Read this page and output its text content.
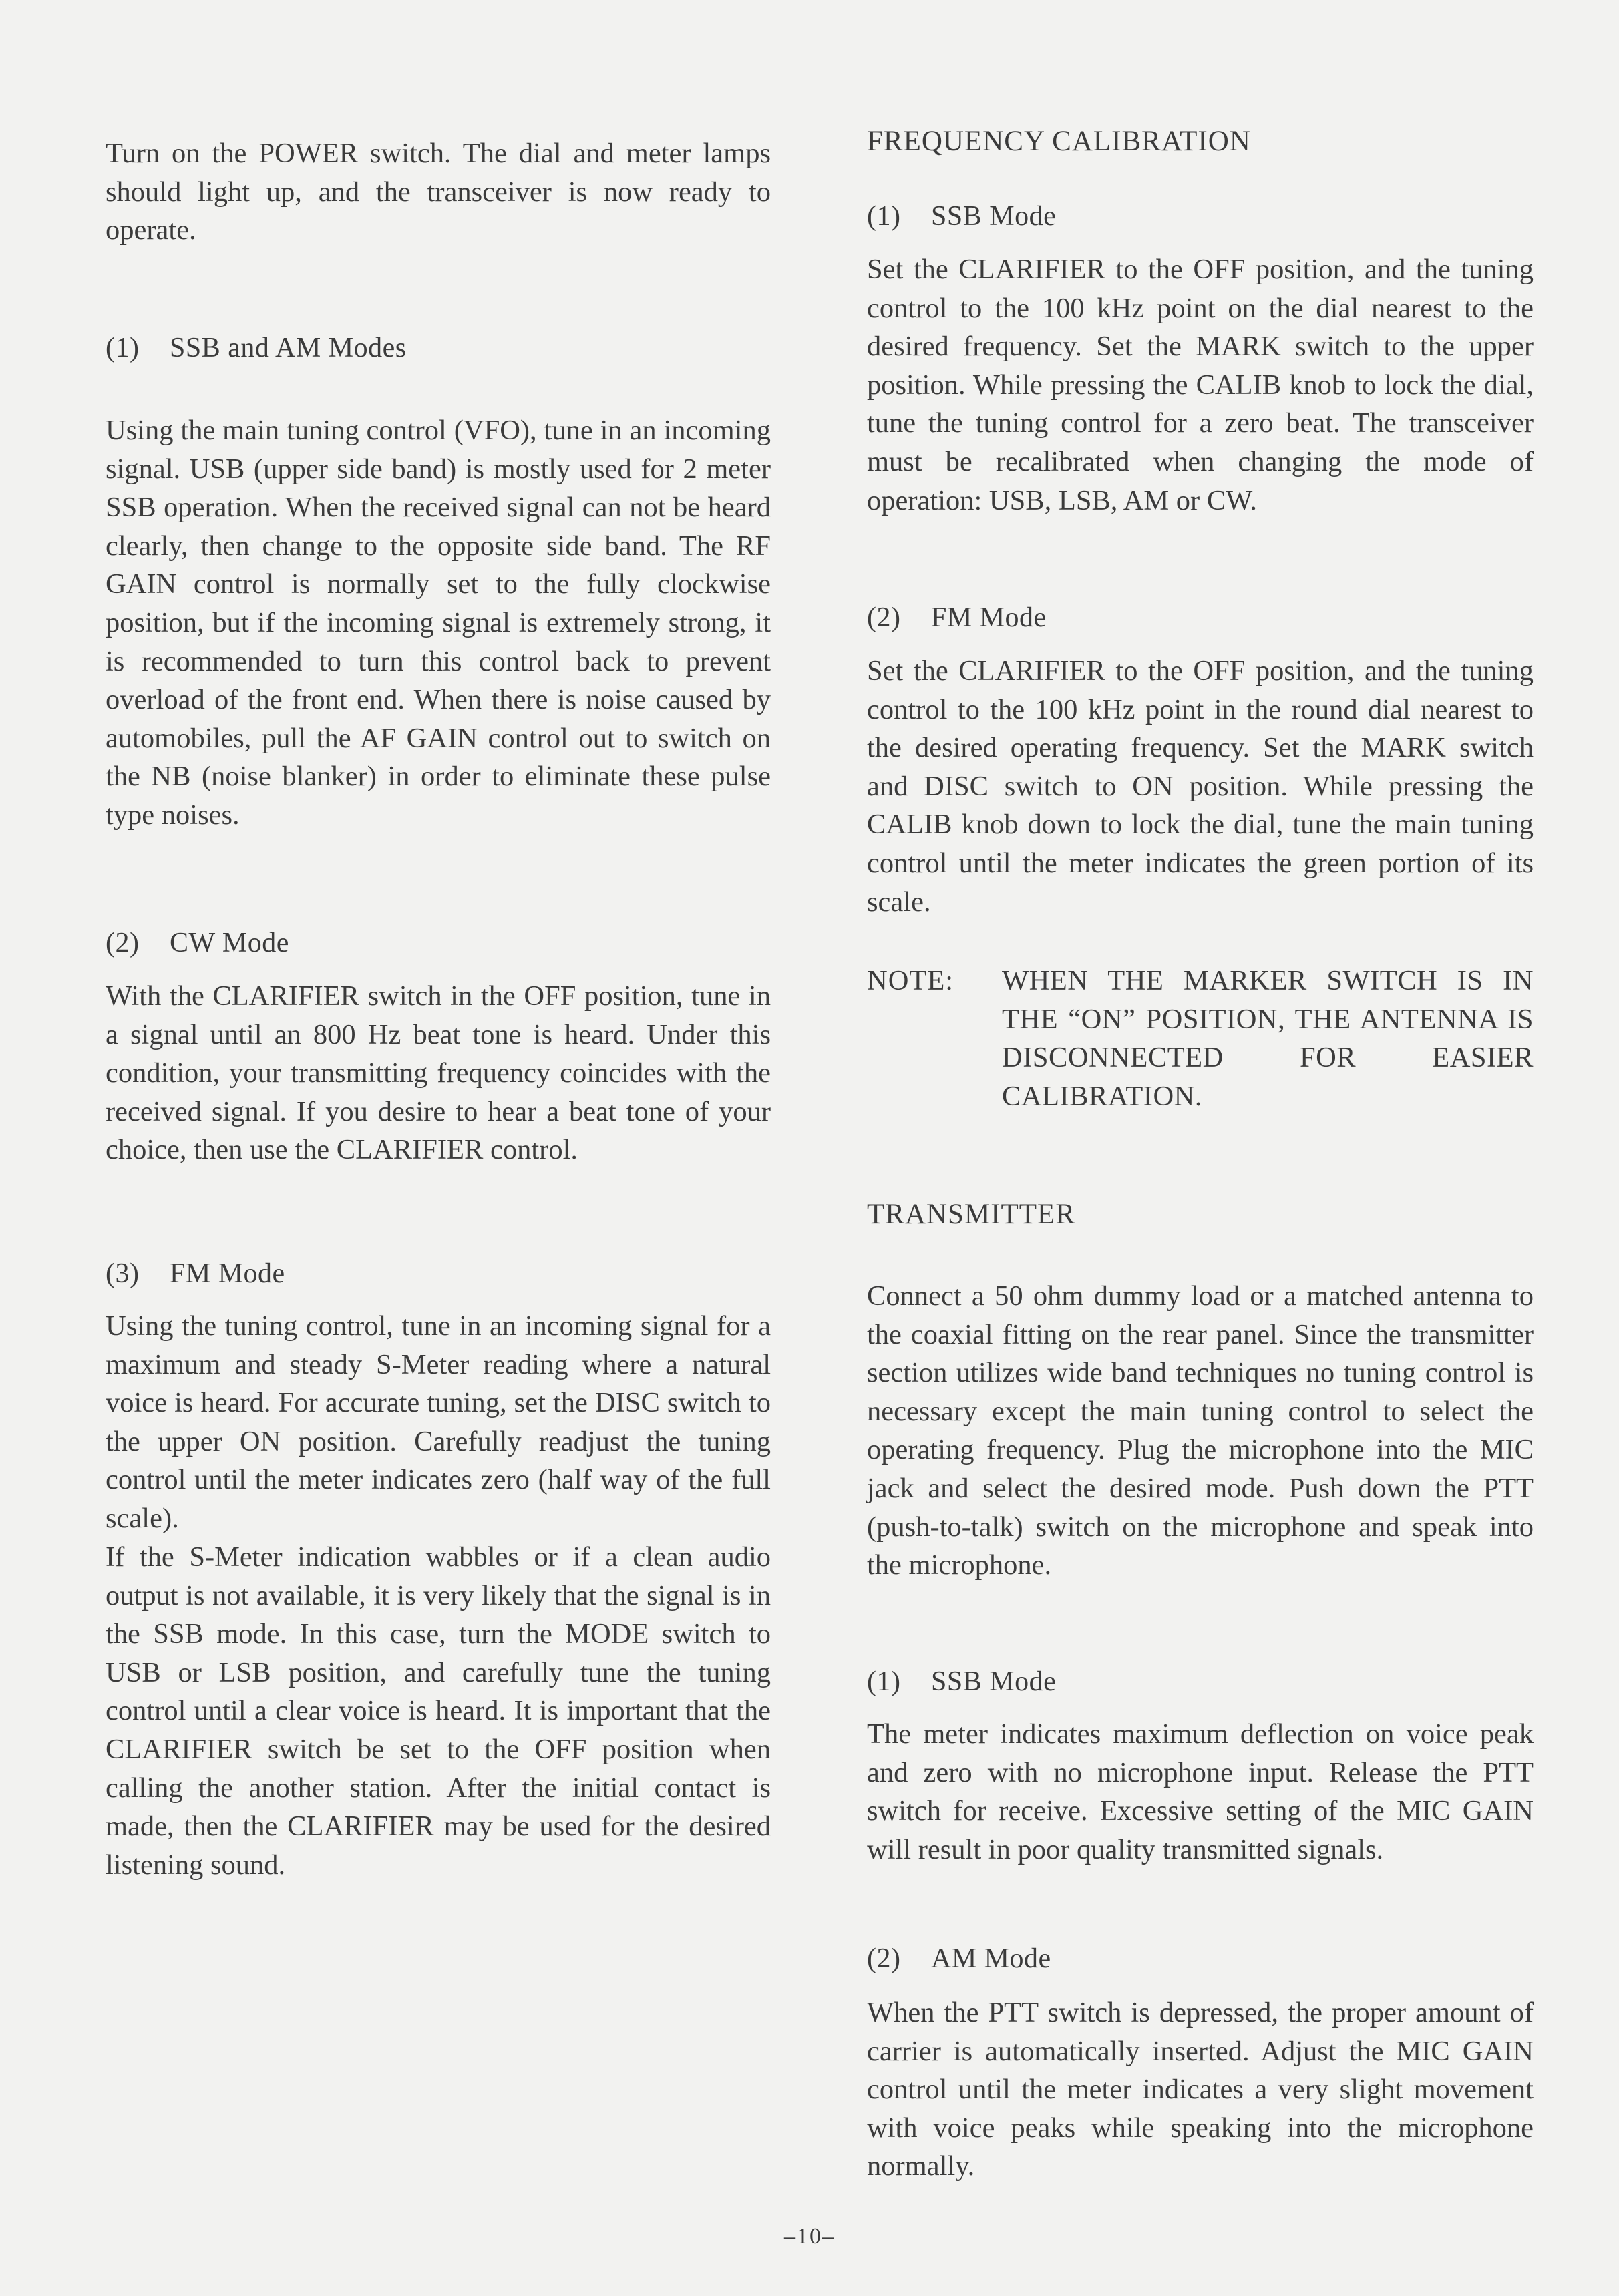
Turn on the POWER switch. The dial and meter lamps should light up, and the transceiver is now ready to operate.

(1) SSB and AM Modes

Using the main tuning control (VFO), tune in an incoming signal. USB (upper side band) is mostly used for 2 meter SSB operation. When the received signal can not be heard clearly, then change to the opposite side band. The RF GAIN control is normally set to the fully clockwise position, but if the incoming signal is extremely strong, it is recommended to turn this control back to prevent overload of the front end. When there is noise caused by automobiles, pull the AF GAIN control out to switch on the NB (noise blanker) in order to eliminate these pulse type noises.

(2) CW Mode

With the CLARIFIER switch in the OFF position, tune in a signal until an 800 Hz beat tone is heard. Under this condition, your transmitting frequency coincides with the received signal. If you desire to hear a beat tone of your choice, then use the CLARIFIER control.

(3) FM Mode

Using the tuning control, tune in an incoming signal for a maximum and steady S-Meter reading where a natural voice is heard. For accurate tuning, set the DISC switch to the upper ON position. Carefully readjust the tuning control until the meter indicates zero (half way of the full scale).

If the S-Meter indication wabbles or if a clean audio output is not available, it is very likely that the signal is in the SSB mode. In this case, turn the MODE switch to USB or LSB position, and carefully tune the tuning control until a clear voice is heard. It is important that the CLARIFIER switch be set to the OFF position when calling the another station. After the initial contact is made, then the CLARIFIER may be used for the desired listening sound.

FREQUENCY CALIBRATION
(1) SSB Mode

Set the CLARIFIER to the OFF position, and the tuning control to the 100 kHz point on the dial nearest to the desired frequency. Set the MARK switch to the upper position. While pressing the CALIB knob to lock the dial, tune the tuning control for a zero beat. The transceiver must be recalibrated when changing the mode of operation: USB, LSB, AM or CW.

(2) FM Mode

Set the CLARIFIER to the OFF position, and the tuning control to the 100 kHz point in the round dial nearest to the desired operating frequency. Set the MARK switch and DISC switch to ON position. While pressing the CALIB knob down to lock the dial, tune the main tuning control until the meter indicates the green portion of its scale.

NOTE: WHEN THE MARKER SWITCH IS IN THE “ON” POSITION, THE ANTENNA IS DISCONNECTED FOR EASIER CALIBRATION.
TRANSMITTER

Connect a 50 ohm dummy load or a matched antenna to the coaxial fitting on the rear panel. Since the transmitter section utilizes wide band techniques no tuning control is necessary except the main tuning control to select the operating frequency. Plug the microphone into the MIC jack and select the desired mode. Push down the PTT (push-to-talk) switch on the microphone and speak into the microphone.

(1) SSB Mode

The meter indicates maximum deflection on voice peak and zero with no microphone input. Release the PTT switch for receive. Excessive setting of the MIC GAIN will result in poor quality transmitted signals.

(2) AM Mode

When the PTT switch is depressed, the proper amount of carrier is automatically inserted. Adjust the MIC GAIN control until the meter indicates a very slight movement with voice peaks while speaking into the microphone normally.

–10–
